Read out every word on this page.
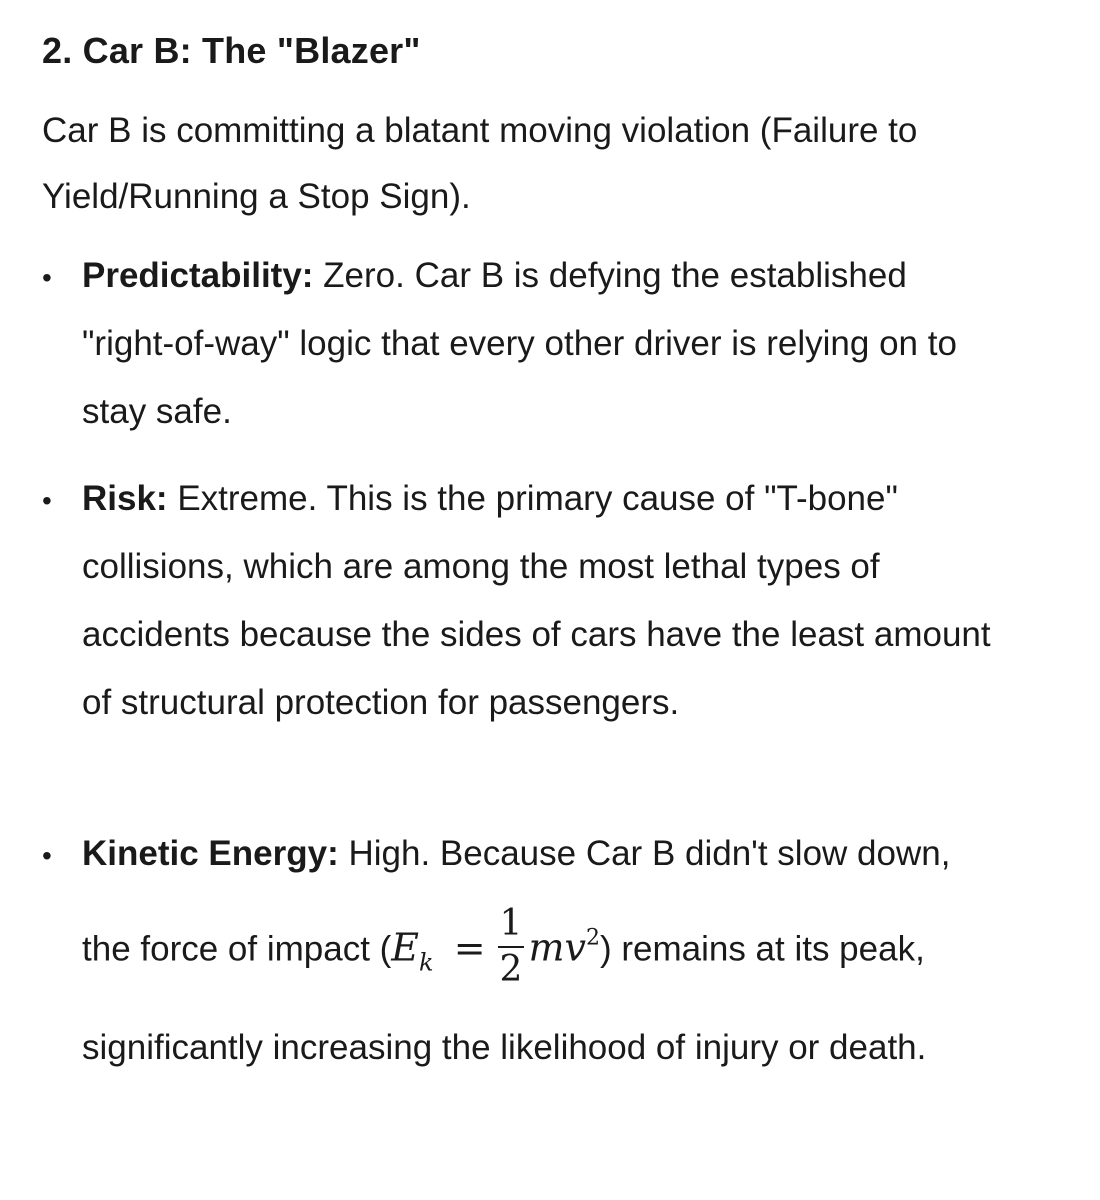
2. Car B: The "Blazer"

Car B is committing a blatant moving violation (Failure to Yield/Running a Stop Sign).

• Predictability: Zero. Car B is defying the established "right-of-way" logic that every other driver is relying on to stay safe.
• Risk: Extreme. This is the primary cause of "T-bone" collisions, which are among the most lethal types of accidents because the sides of cars have the least amount of structural protection for passengers.
• Kinetic Energy: High. Because Car B didn't slow down, the force of impact $(E_k = \frac{1}{2} mv^2)$ remains at its peak, significantly increasing the likelihood of injury or death.
